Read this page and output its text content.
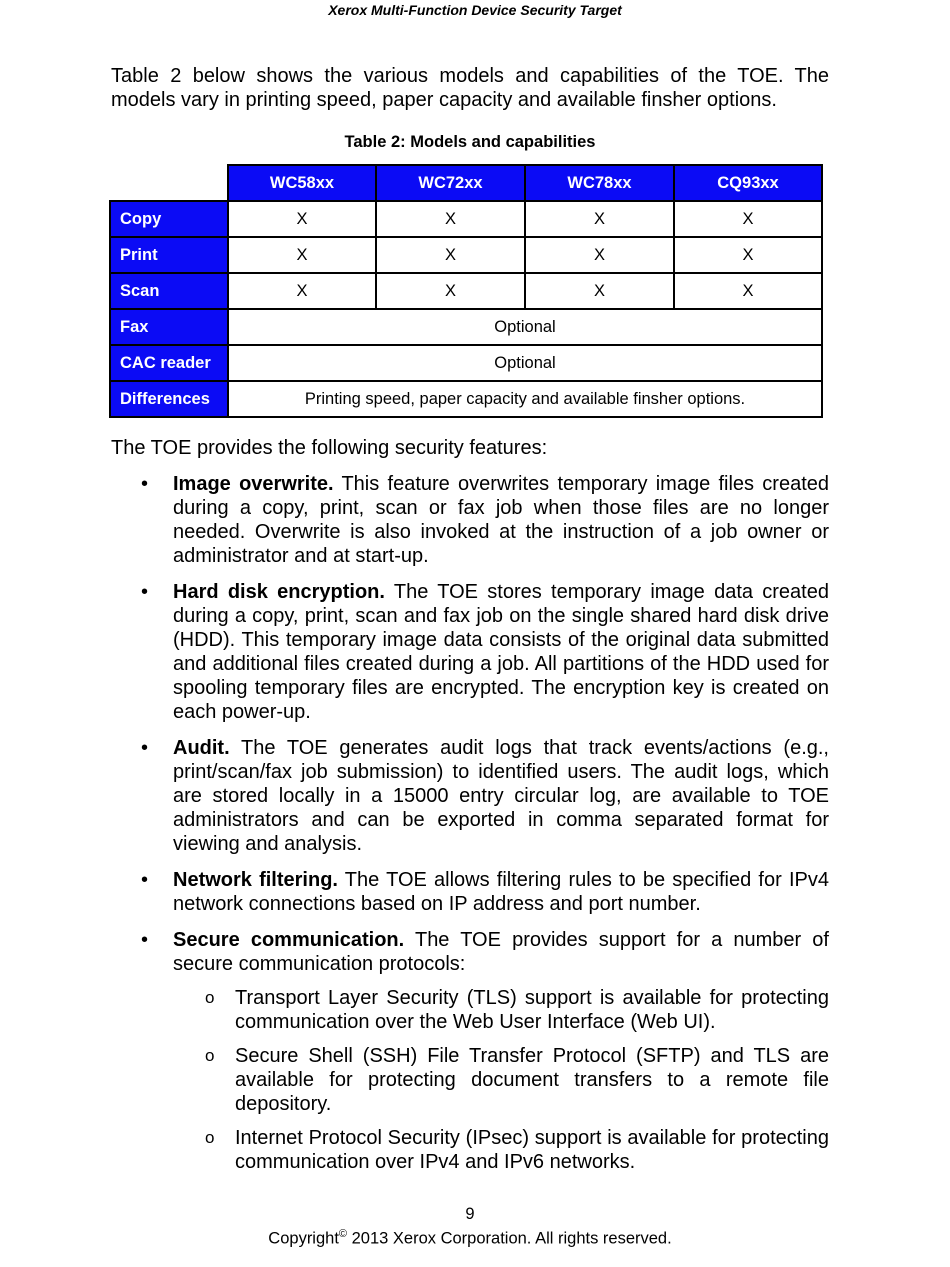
Xerox Multi-Function Device Security Target

Table 2 below shows the various models and capabilities of the TOE. The models vary in printing speed, paper capacity and available finsher options.

Table 2: Models and capabilities
	WC58xx	WC72xx	WC78xx	CQ93xx
Copy	X	X	X	X
Print	X	X	X	X
Scan	X	X	X	X
Fax	Optional			
CAC reader	Optional			
Differences	Printing speed, paper capacity and available finsher options.			

The TOE provides the following security features:

• Image overwrite. This feature overwrites temporary image files created during a copy, print, scan or fax job when those files are no longer needed. Overwrite is also invoked at the instruction of a job owner or administrator and at start-up.
• Hard disk encryption. The TOE stores temporary image data created during a copy, print, scan and fax job on the single shared hard disk drive (HDD). This temporary image data consists of the original data submitted and additional files created during a job. All partitions of the HDD used for spooling temporary files are encrypted. The encryption key is created on each power-up.
• Audit. The TOE generates audit logs that track events/actions (e.g., print/scan/fax job submission) to identified users. The audit logs, which are stored locally in a 15000 entry circular log, are available to TOE administrators and can be exported in comma separated format for viewing and analysis.
• Network filtering. The TOE allows filtering rules to be specified for IPv4 network connections based on IP address and port number.
• Secure communication. The TOE provides support for a number of secure communication protocols:
o Transport Layer Security (TLS) support is available for protecting communication over the Web User Interface (Web UI).
o Secure Shell (SSH) File Transfer Protocol (SFTP) and TLS are available for protecting document transfers to a remote file depository.
o Internet Protocol Security (IPsec) support is available for protecting communication over IPv4 and IPv6 networks.
9
Copyright© 2013 Xerox Corporation. All rights reserved.
